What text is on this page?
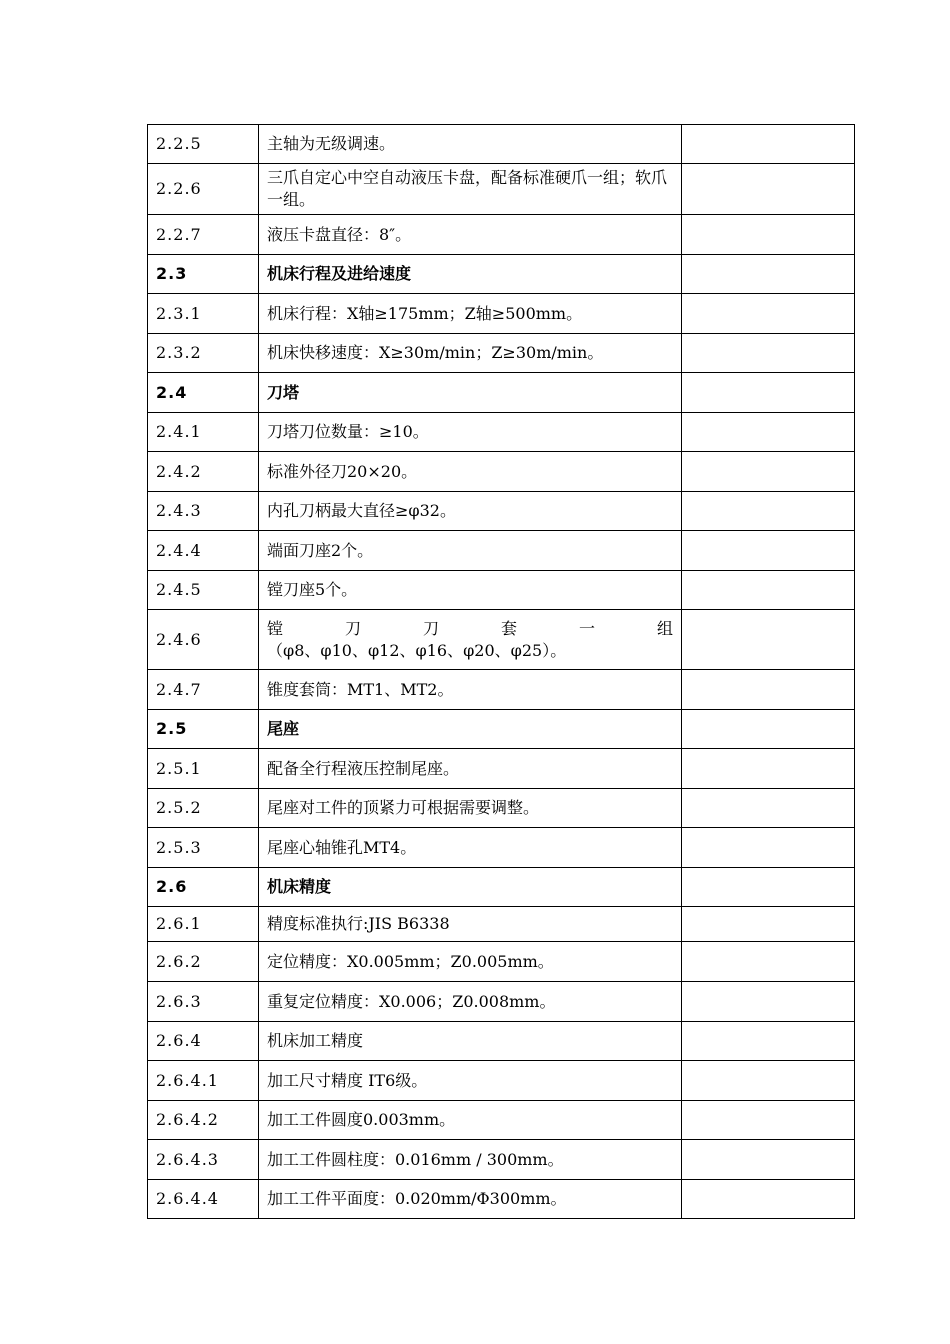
2.2.5	主轴为无级调速。	
2.2.6	三爪自定心中空自动液压卡盘，配备标准硬爪一组；软爪一组。	
2.2.7	液压卡盘直径：8″。	
2.3	机床行程及进给速度	
2.3.1	机床行程：X轴≥175mm；Z轴≥500mm。	
2.3.2	机床快移速度：X≥30m/min；Z≥30m/min。	
2.4	刀塔	
2.4.1	刀塔刀位数量：≥10。	
2.4.2	标准外径刀20×20。	
2.4.3	内孔刀柄最大直径≥φ32。	
2.4.4	端面刀座2个。	
2.4.5	镗刀座5个。	
2.4.6	镗刀刀套一组
（φ8、φ10、φ12、φ16、φ20、φ25）。	

2.4.7	锥度套筒：MT1、MT2。	
2.5	尾座	
2.5.1	配备全行程液压控制尾座。	
2.5.2	尾座对工件的顶紧力可根据需要调整。	
2.5.3	尾座心轴锥孔MT4。	
2.6	机床精度	
2.6.1	精度标准执行:JIS B6338	
2.6.2	定位精度：X0.005mm；Z0.005mm。	
2.6.3	重复定位精度：X0.006；Z0.008mm。	
2.6.4	机床加工精度	
2.6.4.1	加工尺寸精度 IT6级。	
2.6.4.2	加工工件圆度0.003mm。	
2.6.4.3	加工工件圆柱度：0.016mm / 300mm。	
2.6.4.4	加工工件平面度：0.020mm/Φ300mm。	
